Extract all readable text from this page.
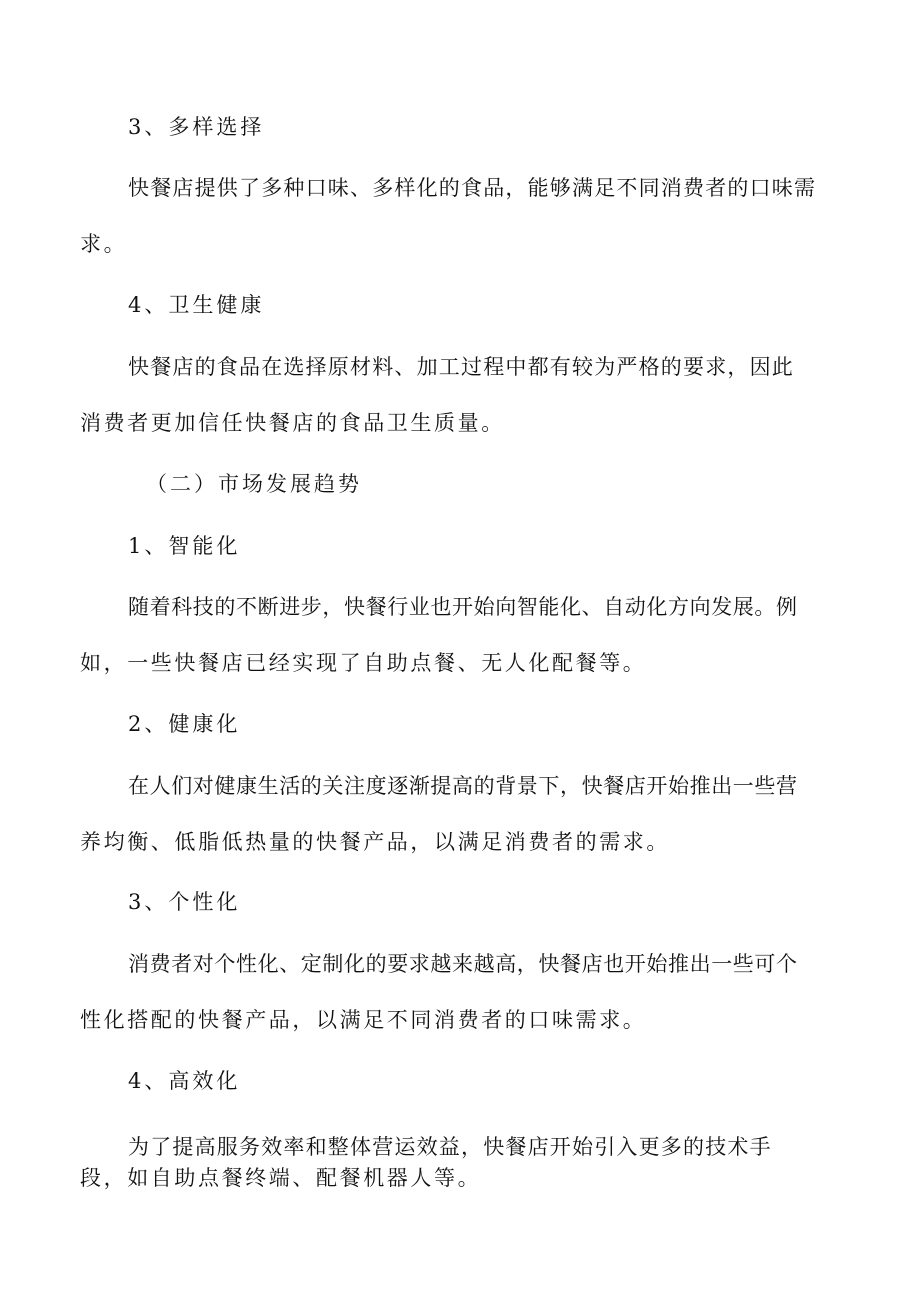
3、多样选择
快餐店提供了多种口味、多样化的食品，能够满足不同消费者的口味需
求。
4、卫生健康
快餐店的食品在选择原材料、加工过程中都有较为严格的要求，因此
消费者更加信任快餐店的食品卫生质量。
（二）市场发展趋势
1、智能化
随着科技的不断进步，快餐行业也开始向智能化、自动化方向发展。例
如，一些快餐店已经实现了自助点餐、无人化配餐等。
2、健康化
在人们对健康生活的关注度逐渐提高的背景下，快餐店开始推出一些营
养均衡、低脂低热量的快餐产品，以满足消费者的需求。
3、个性化
消费者对个性化、定制化的要求越来越高，快餐店也开始推出一些可个
性化搭配的快餐产品，以满足不同消费者的口味需求。
4、高效化
为了提高服务效率和整体营运效益，快餐店开始引入更多的技术手
段，如自助点餐终端、配餐机器人等。
